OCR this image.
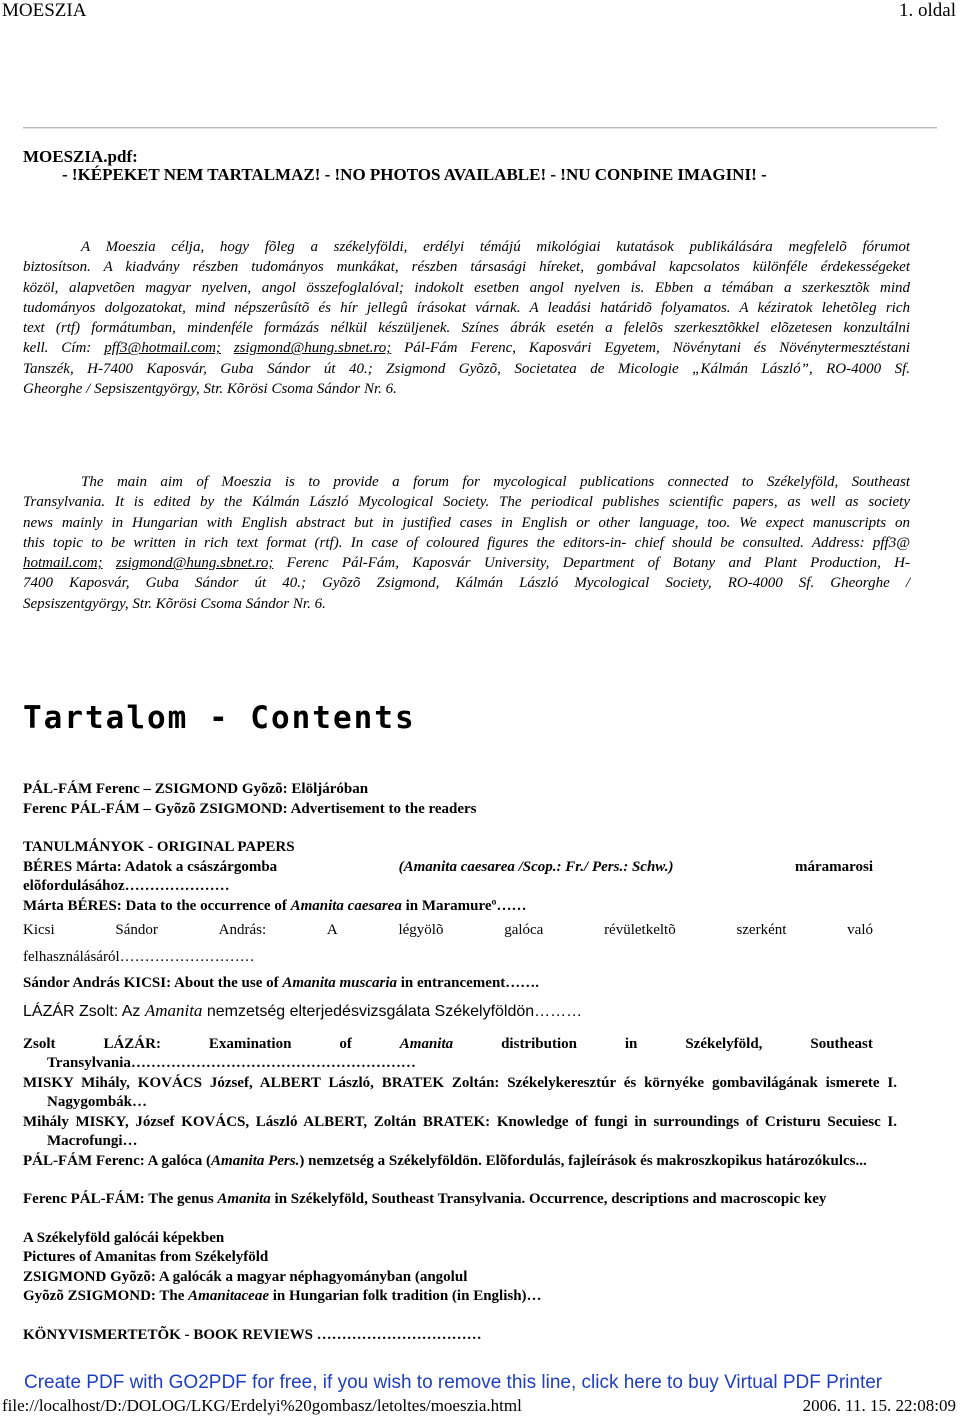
MOESZIA	1. oldal
MOESZIA.pdf:
- !KÉPEKET NEM TARTALMAZ! - !NO PHOTOS AVAILABLE! - !NU CONÞINE IMAGINI! -
A Moeszia célja, hogy fõleg a székelyföldi, erdélyi témájú mikológiai kutatások publikálására megfelelõ fórumot
biztosítson. A kiadvány részben tudományos munkákat, részben társasági híreket, gombával kapcsolatos különféle érdekességeket
közöl, alapvetõen magyar nyelven, angol összefoglalóval; indokolt esetben angol nyelven is. Ebben a témában a szerkesztõk mind
tudományos dolgozatokat, mind népszerûsítõ és hír jellegû írásokat várnak. A leadási határidõ folyamatos. A kéziratok lehetõleg rich
text (rtf) formátumban, mindenféle formázás nélkül készüljenek. Színes ábrák esetén a felelõs szerkesztõkkel elõzetesen konzultálni
kell. Cím: pff3@hotmail.com; zsigmond@hung.sbnet.ro; Pál-Fám Ferenc, Kaposvári Egyetem, Növénytani és Növénytermesztéstani
Tanszék, H-7400 Kaposvár, Guba Sándor út 40.; Zsigmond Gyõzõ, Societatea de Micologie „Kálmán László”, RO-4000 Sf.
Gheorghe / Sepsiszentgyörgy, Str. Kõrösi Csoma Sándor Nr. 6.
The main aim of Moeszia is to provide a forum for mycological publications connected to Székelyföld, Southeast
Transylvania. It is edited by the Kálmán László Mycological Society. The periodical publishes scientific papers, as well as society
news mainly in Hungarian with English abstract but in justified cases in English or other language, too. We expect manuscripts on
this topic to be written in rich text format (rtf). In case of coloured figures the editors-in- chief should be consulted. Address: pff3@
hotmail.com; zsigmond@hung.sbnet.ro; Ferenc Pál-Fám, Kaposvár University, Department of Botany and Plant Production, H-
7400 Kaposvár, Guba Sándor út 40.; Gyõzõ Zsigmond, Kálmán László Mycological Society, RO-4000 Sf. Gheorghe /
Sepsiszentgyörgy, Str. Kõrösi Csoma Sándor Nr. 6.
Tartalom - Contents
PÁL-FÁM Ferenc – ZSIGMOND Gyõzõ: Elöljáróban
Ferenc PÁL-FÁM – Gyõzõ ZSIGMOND: Advertisement to the readers
TANULMÁNYOK - ORIGINAL PAPERS
BÉRES Márta: Adatok a császárgomba	(Amanita caesarea /Scop.: Fr./ Pers.: Schw.)	máramarosi
elõfordulásához…………………
Márta BÉRES: Data to the occurrence of Amanita caesarea in Maramureº……
Kicsi	Sándor	András:	A	légyölõ	galóca	révületkeltõ	szerként	való
felhasználásáról………………………
Sándor András KICSI: About the use of Amanita muscaria in entrancement…….
LÁZÁR Zsolt: Az Amanita nemzetség elterjedésvizsgálata Székelyföldön………
Zsolt	LÁZÁR:	Examination	of	Amanita	distribution	in	Székelyföld,	Southeast
Transylvania…………………………………………………
MISKY Mihály, KOVÁCS József, ALBERT László, BRATEK Zoltán: Székelykeresztúr és környéke gombavilágának ismerete I. Nagygombák…
Mihály MISKY, József KOVÁCS, László ALBERT, Zoltán BRATEK: Knowledge of fungi in surroundings of Cristuru Secuiesc I. Macrofungi…
PÁL-FÁM Ferenc: A galóca (Amanita Pers.) nemzetség a Székelyföldön. Elõfordulás, fajleírások és makroszkopikus határozókulcs...
Ferenc PÁL-FÁM: The genus Amanita in Székelyföld, Southeast Transylvania. Occurrence, descriptions and macroscopic key
A Székelyföld galócái képekben
Pictures of Amanitas from Székelyföld
ZSIGMOND Gyõzõ: A galócák a magyar néphagyományban (angolul
Gyõzõ ZSIGMOND: The Amanitaceae in Hungarian folk tradition (in English)…
KÖNYVISMERTETÕK - BOOK REVIEWS ……………………………
Create PDF with GO2PDF for free, if you wish to remove this line, click here to buy Virtual PDF Printer
file://localhost/D:/DOLOG/LKG/Erdelyi%20gombasz/letoltes/moeszia.html	2006. 11. 15. 22:08:09
